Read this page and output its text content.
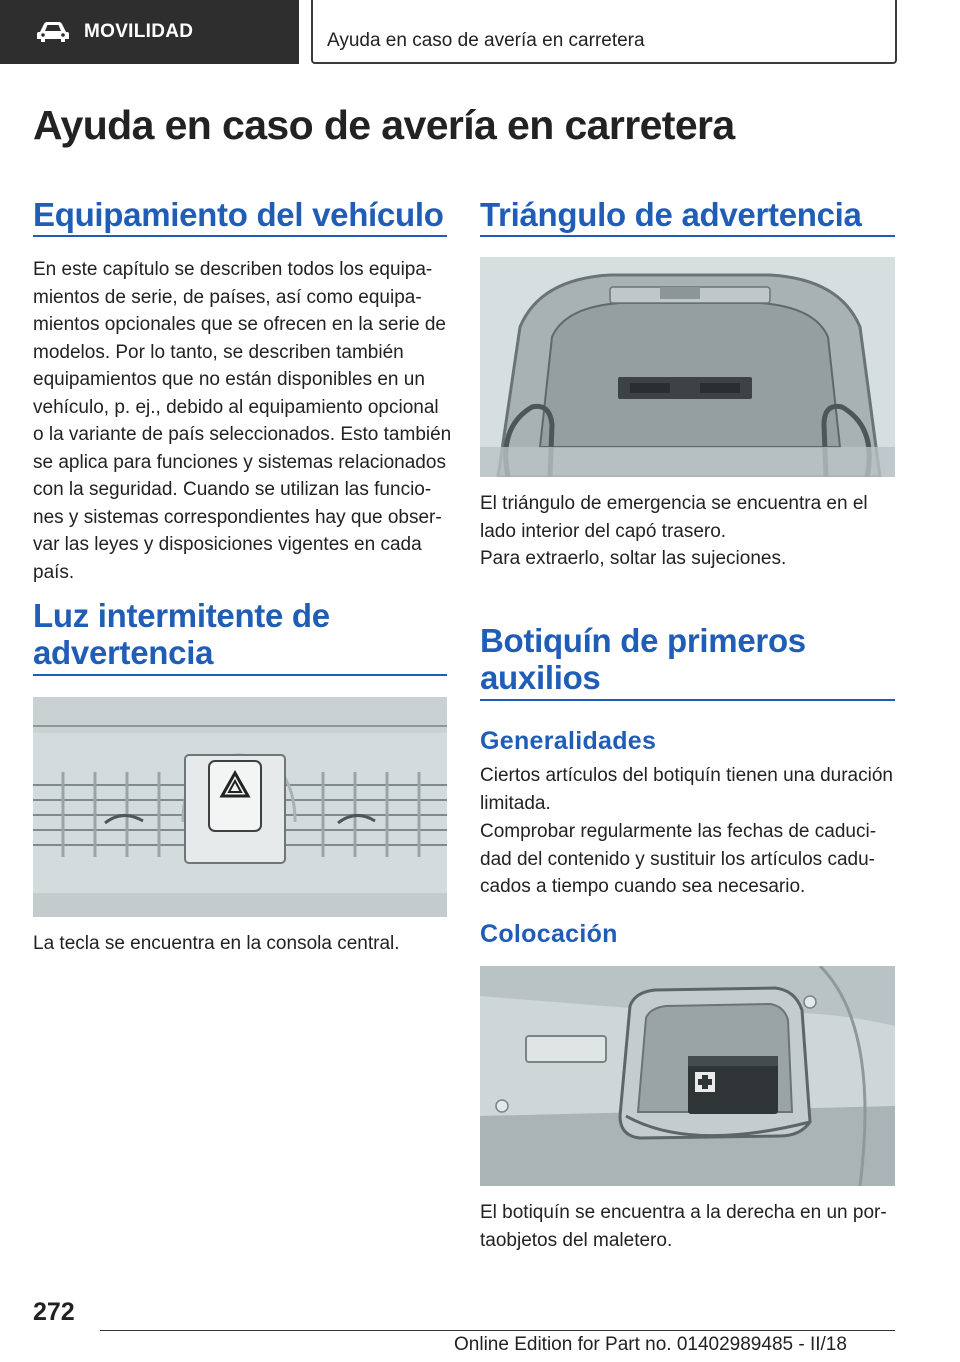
MOVILIDAD	Ayuda en caso de avería en carretera
Ayuda en caso de avería en carretera
Equipamiento del vehículo
En este capítulo se describen todos los equipa‐
mientos de serie, de países, así como equipa‐
mientos opcionales que se ofrecen en la serie de
modelos. Por lo tanto, se describen también
equipamientos que no están disponibles en un
vehículo, p. ej., debido al equipamiento opcional
o la variante de país seleccionados. Esto también
se aplica para funciones y sistemas relacionados
con la seguridad. Cuando se utilizan las funcio‐
nes y sistemas correspondientes hay que obser‐
var las leyes y disposiciones vigentes en cada
país.
Luz intermitente de
advertencia
La tecla se encuentra en la consola central.
Triángulo de advertencia
El triángulo de emergencia se encuentra en el
lado interior del capó trasero.
Para extraerlo, soltar las sujeciones.
Botiquín de primeros
auxilios
Generalidades
Ciertos artículos del botiquín tienen una duración
limitada.
Comprobar regularmente las fechas de caduci‐
dad del contenido y sustituir los artículos cadu‐
cados a tiempo cuando sea necesario.
Colocación
El botiquín se encuentra a la derecha en un por‐
taobjetos del maletero.
272
Online Edition for Part no. 01402989485 - II/18
